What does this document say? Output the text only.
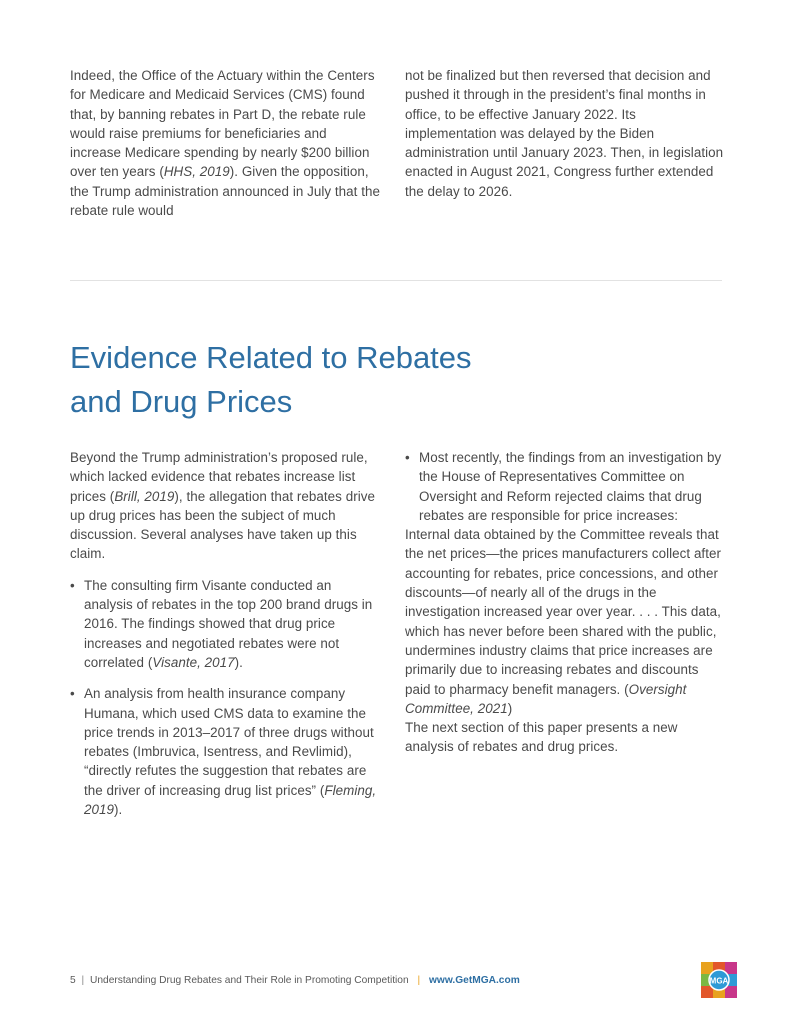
Indeed, the Office of the Actuary within the Centers for Medicare and Medicaid Services (CMS) found that, by banning rebates in Part D, the rebate rule would raise premiums for beneficiaries and increase Medicare spending by nearly $200 billion over ten years (HHS, 2019). Given the opposition, the Trump administration announced in July that the rebate rule would

not be finalized but then reversed that decision and pushed it through in the president’s final months in office, to be effective January 2022. Its implementation was delayed by the Biden administration until January 2023. Then, in legislation enacted in August 2021, Congress further extended the delay to 2026.

Evidence Related to Rebates
and Drug Prices

Beyond the Trump administration’s proposed rule, which lacked evidence that rebates increase list prices (Brill, 2019), the allegation that rebates drive up drug prices has been the subject of much discussion. Several analyses have taken up this claim.

• The consulting firm Visante conducted an analysis of rebates in the top 200 brand drugs in 2016. The findings showed that drug price increases and negotiated rebates were not correlated (Visante, 2017).
• An analysis from health insurance company Humana, which used CMS data to examine the price trends in 2013–2017 of three drugs without rebates (Imbruvica, Isentress, and Revlimid), “directly refutes the suggestion that rebates are the driver of increasing drug list prices” (Fleming, 2019).
• Most recently, the findings from an investigation by the House of Representatives Committee on Oversight and Reform rejected claims that drug rebates are responsible for price increases:

Internal data obtained by the Committee reveals that the net prices—the prices manufacturers collect after accounting for rebates, price concessions, and other discounts—of nearly all of the drugs in the investigation increased year over year. . . . This data, which has never before been shared with the public, undermines industry claims that price increases are primarily due to increasing rebates and discounts paid to pharmacy benefit managers. (Oversight Committee, 2021)

The next section of this paper presents a new analysis of rebates and drug prices.

5 | Understanding Drug Rebates and Their Role in Promoting Competition | www.GetMGA.com	MGA
